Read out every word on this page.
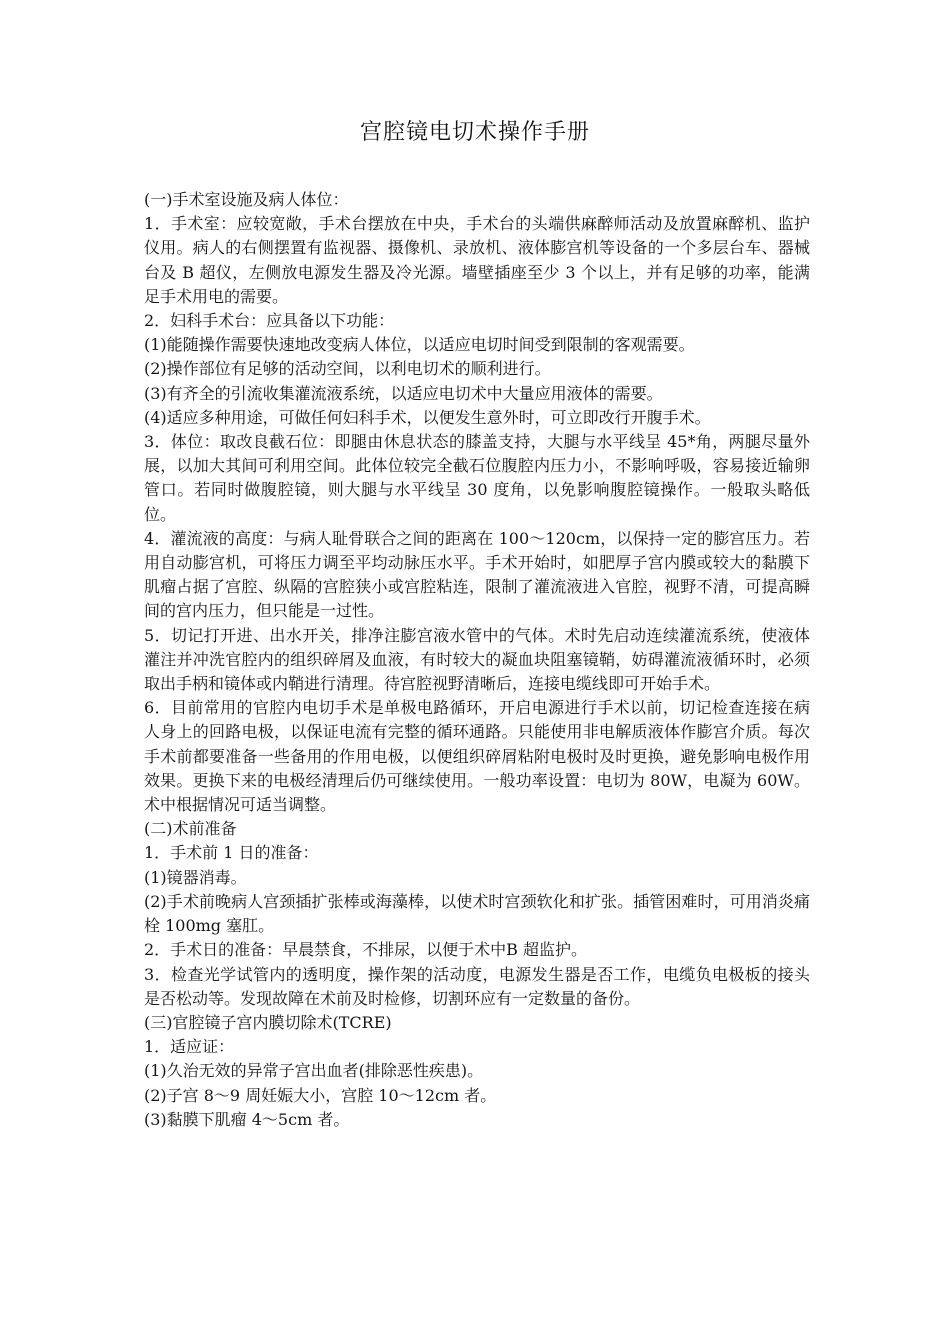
宫腔镜电切术操作手册

(一)手术室设施及病人体位：

1．手术室：应较宽敞，手术台摆放在中央，手术台的头端供麻醉师活动及放置麻醉机、监护仪用。病人的右侧摆置有监视器、摄像机、录放机、液体膨宫机等设备的一个多层台车、器械台及 B 超仪，左侧放电源发生器及冷光源。墙壁插座至少 3 个以上，并有足够的功率，能满足手术用电的需要。

2．妇科手术台：应具备以下功能：

(1)能随操作需要快速地改变病人体位，以适应电切时间受到限制的客观需要。

(2)操作部位有足够的活动空间，以利电切术的顺利进行。

(3)有齐全的引流收集灌流液系统，以适应电切术中大量应用液体的需要。

(4)适应多种用途，可做任何妇科手术，以便发生意外时，可立即改行开腹手术。

3．体位：取改良截石位：即腿由休息状态的膝盖支持，大腿与水平线呈 45*角，两腿尽量外展，以加大其间可利用空间。此体位较完全截石位腹腔内压力小，不影响呼吸，容易接近输卵管口。若同时做腹腔镜，则大腿与水平线呈 30 度角，以免影响腹腔镜操作。一般取头略低位。

4．灌流液的高度：与病人耻骨联合之间的距离在 100～120cm，以保持一定的膨宫压力。若用自动膨宫机，可将压力调至平均动脉压水平。手术开始时，如肥厚子宫内膜或较大的黏膜下肌瘤占据了宫腔、纵隔的宫腔狭小或宫腔粘连，限制了灌流液进入官腔，视野不清，可提高瞬间的宫内压力，但只能是一过性。

5．切记打开进、出水开关，排净注膨宫液水管中的气体。术时先启动连续灌流系统，使液体灌注并冲洗官腔内的组织碎屑及血液，有时较大的凝血块阻塞镜鞘，妨碍灌流液循环时，必须取出手柄和镜体或内鞘进行清理。待宫腔视野清晰后，连接电缆线即可开始手术。

6．目前常用的官腔内电切手术是单极电路循环，开启电源进行手术以前，切记检查连接在病人身上的回路电极，以保证电流有完整的循环通路。只能使用非电解质液体作膨宫介质。每次手术前都要准备一些备用的作用电极，以便组织碎屑粘附电极时及时更换，避免影响电极作用效果。更换下来的电极经清理后仍可继续使用。一般功率设置：电切为 80W，电凝为 60W。术中根据情况可适当调整。

(二)术前准备

1．手术前 1 日的准备：

(1)镜器消毒。

(2)手术前晚病人宫颈插扩张棒或海藻棒，以使术时宫颈软化和扩张。插管困难时，可用消炎痛栓 100mg 塞肛。

2．手术日的准备：早晨禁食，不排尿，以便于术中B 超监护。

3．检查光学试管内的透明度，操作架的活动度，电源发生器是否工作，电缆负电极板的接头是否松动等。发现故障在术前及时检修，切割环应有一定数量的备份。

(三)官腔镜子宫内膜切除术(TCRE)

1．适应证：

(1)久治无效的异常子宫出血者(排除恶性疾患)。

(2)子宫 8～9 周妊娠大小，宫腔 10～12cm 者。

(3)黏膜下肌瘤 4～5cm 者。
